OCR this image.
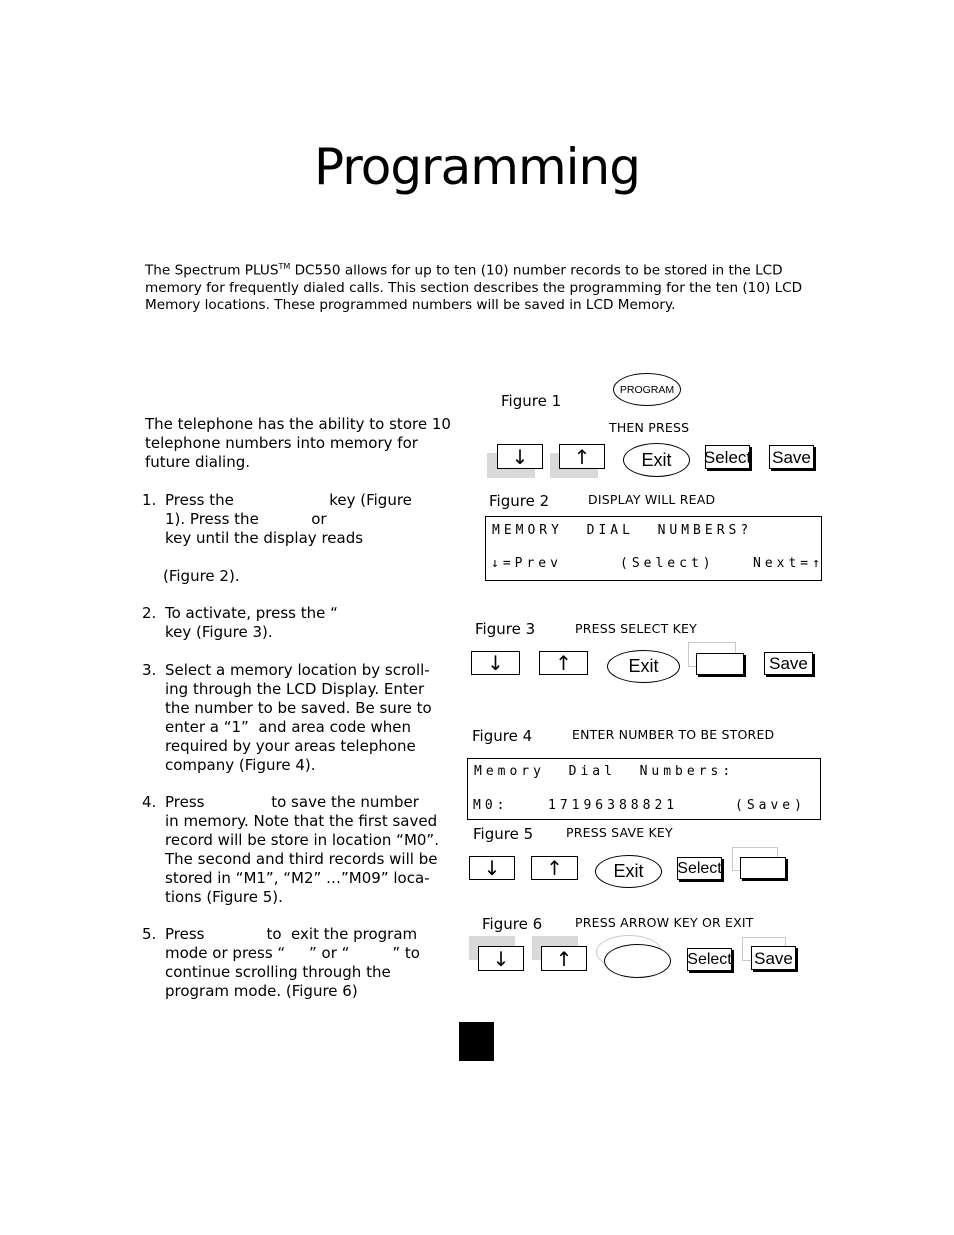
Programming
The Spectrum PLUS™ DC550 allows for up to ten (10) number records to be stored in the LCD memory for frequently dialed calls. This section describes the programming for the ten (10) LCD Memory locations. These programmed numbers will be saved in LCD Memory.
The telephone has the ability to store 10 telephone numbers into memory for future dialing.
1. Press the                    key (Figure
1). Press the           or
key until the display reads
(Figure 2).
2. To activate, press the “
key (Figure 3).
3. Select a memory location by scroll-
ing through the LCD Display. Enter
the number to be saved. Be sure to
enter a “1”  and area code when
required by your areas telephone
company (Figure 4).
4. Press              to save the number
in memory. Note that the first saved
record will be store in location “M0”.
The second and third records will be
stored in “M1”, “M2” …”M09” loca-
tions (Figure 5).
5. Press             to  exit the program
mode or press “     ” or “         ” to
continue scrolling through the
program mode. (Figure 6)
Figure 1
PROGRAM
THEN PRESS
↓ ↑	Exit Select Save
Figure 2	DISPLAY WILL READ
MEMORY  DIAL  NUMBERS?
↓=Prev	(Select)	Next=↑
Figure 3	PRESS SELECT KEY
↓	↑	Exit	Save
Figure 4	ENTER NUMBER TO BE STORED
Memory  Dial  Numbers:
M0:	17196388821	(Save)
Figure 5	PRESS SAVE KEY
↓ ↑	Exit Select
Figure 6	PRESS ARROW KEY OR EXIT
↓ ↑	Select Save
